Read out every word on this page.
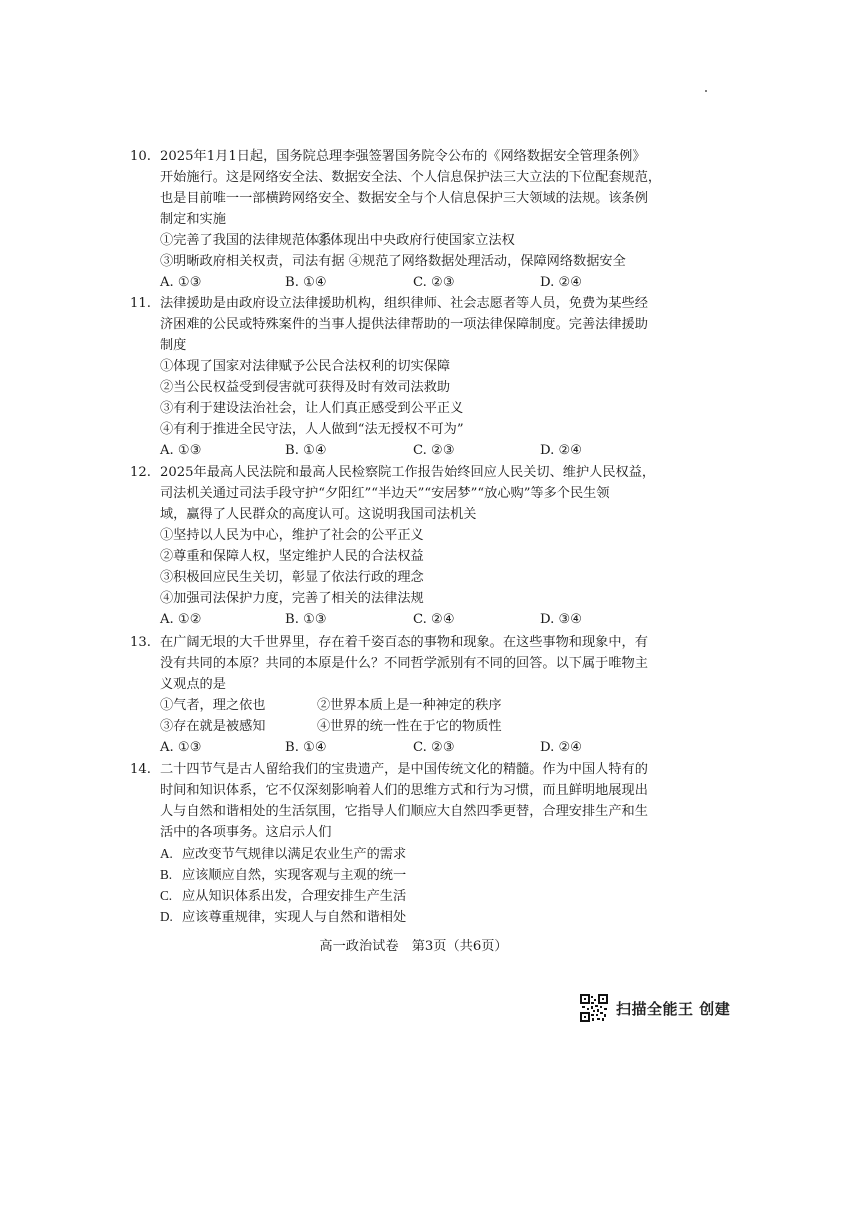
10. 2025年1月1日起，国务院总理李强签署国务院令公布的《网络数据安全管理条例》
开始施行。这是网络安全法、数据安全法、个人信息保护法三大立法的下位配套规范，
也是目前唯一一部横跨网络安全、数据安全与个人信息保护三大领域的法规。该条例
制定和实施
①完善了我国的法律规范体系
②体现出中央政府行使国家立法权
③明晰政府相关权责，司法有据 ④规范了网络数据处理活动，保障网络数据安全
A. ①③	B. ①④	C. ②③	D. ②④
11. 法律援助是由政府设立法律援助机构，组织律师、社会志愿者等人员，免费为某些经
济困难的公民或特殊案件的当事人提供法律帮助的一项法律保障制度。完善法律援助
制度
①体现了国家对法律赋予公民合法权利的切实保障
②当公民权益受到侵害就可获得及时有效司法救助
③有利于建设法治社会，让人们真正感受到公平正义
④有利于推进全民守法，人人做到“法无授权不可为”
A. ①③	B. ①④	C. ②③	D. ②④
12. 2025年最高人民法院和最高人民检察院工作报告始终回应人民关切、维护人民权益，
司法机关通过司法手段守护“夕阳红”“半边天”“安居梦”“放心购”等多个民生领
域，赢得了人民群众的高度认可。这说明我国司法机关
①坚持以人民为中心，维护了社会的公平正义
②尊重和保障人权，坚定维护人民的合法权益
③积极回应民生关切，彰显了依法行政的理念
④加强司法保护力度，完善了相关的法律法规
A. ①②	B. ①③	C. ②④	D. ③④
13. 在广阔无垠的大千世界里，存在着千姿百态的事物和现象。在这些事物和现象中，有
没有共同的本原？共同的本原是什么？不同哲学派别有不同的回答。以下属于唯物主
义观点的是
①气者，理之依也	②世界本质上是一种神定的秩序
③存在就是被感知	④世界的统一性在于它的物质性
A. ①③	B. ①④	C. ②③	D. ②④
14. 二十四节气是古人留给我们的宝贵遗产，是中国传统文化的精髓。作为中国人特有的
时间和知识体系，它不仅深刻影响着人们的思维方式和行为习惯，而且鲜明地展现出
人与自然和谐相处的生活氛围，它指导人们顺应大自然四季更替，合理安排生产和生
活中的各项事务。这启示人们
A. 应改变节气规律以满足农业生产的需求
B. 应该顺应自然，实现客观与主观的统一
C. 应从知识体系出发，合理安排生产生活
D. 应该尊重规律，实现人与自然和谐相处
高一政治试卷　第3页（共6页）
扫描全能王 创建
